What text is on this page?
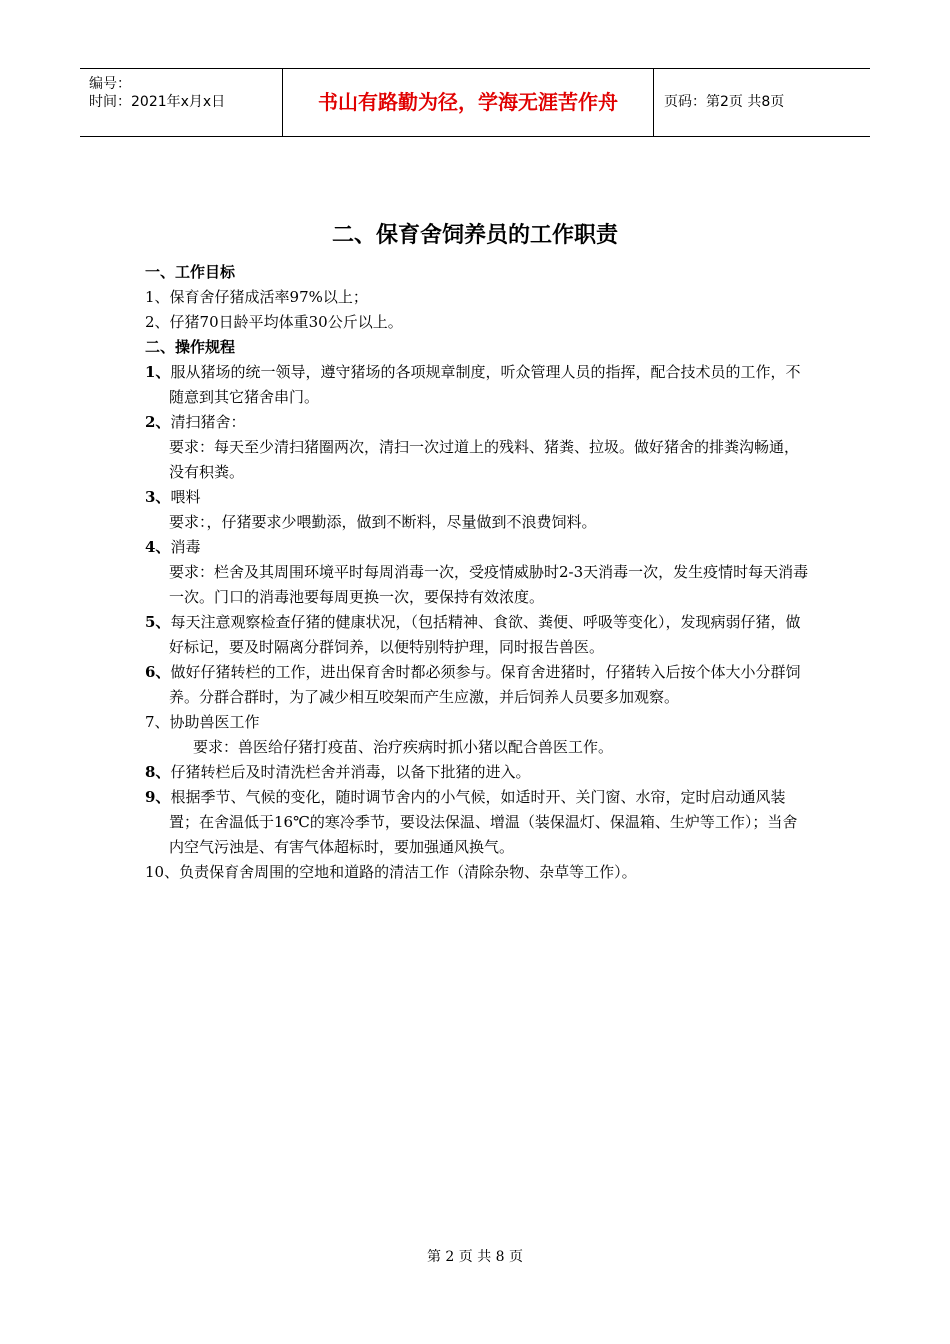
编号：
时间：2021年x月x日	书山有路勤为径，学海无涯苦作舟	页码：第2页 共8页
二、保育舍饲养员的工作职责
一、工作目标
1、保育舍仔猪成活率97%以上；
2、仔猪70日龄平均体重30公斤以上。
二、操作规程
1、服从猪场的统一领导，遵守猪场的各项规章制度，听众管理人员的指挥，配合技术员的工作，不随意到其它猪舍串门。
2、清扫猪舍：
要求：每天至少清扫猪圈两次，清扫一次过道上的残料、猪粪、拉圾。做好猪舍的排粪沟畅通，没有积粪。
3、喂料
要求：，仔猪要求少喂勤添，做到不断料，尽量做到不浪费饲料。
4、消毒
要求：栏舍及其周围环境平时每周消毒一次，受疫情威胁时2-3天消毒一次，发生疫情时每天消毒一次。门口的消毒池要每周更换一次，要保持有效浓度。
5、每天注意观察检查仔猪的健康状况，（包括精神、食欲、粪便、呼吸等变化），发现病弱仔猪，做好标记，要及时隔离分群饲养，以便特别特护理，同时报告兽医。
6、做好仔猪转栏的工作，进出保育舍时都必须参与。保育舍进猪时，仔猪转入后按个体大小分群饲养。分群合群时，为了减少相互咬架而产生应激，并后饲养人员要多加观察。
7、协助兽医工作
要求：兽医给仔猪打疫苗、治疗疾病时抓小猪以配合兽医工作。
8、仔猪转栏后及时清洗栏舍并消毒，以备下批猪的进入。
9、根据季节、气候的变化，随时调节舍内的小气候，如适时开、关门窗、水帘，定时启动通风装置；在舍温低于16℃的寒冷季节，要设法保温、增温（装保温灯、保温箱、生炉等工作）；当舍内空气污浊是、有害气体超标时，要加强通风换气。
10、负责保育舍周围的空地和道路的清洁工作（清除杂物、杂草等工作）。
第 2 页 共 8 页
